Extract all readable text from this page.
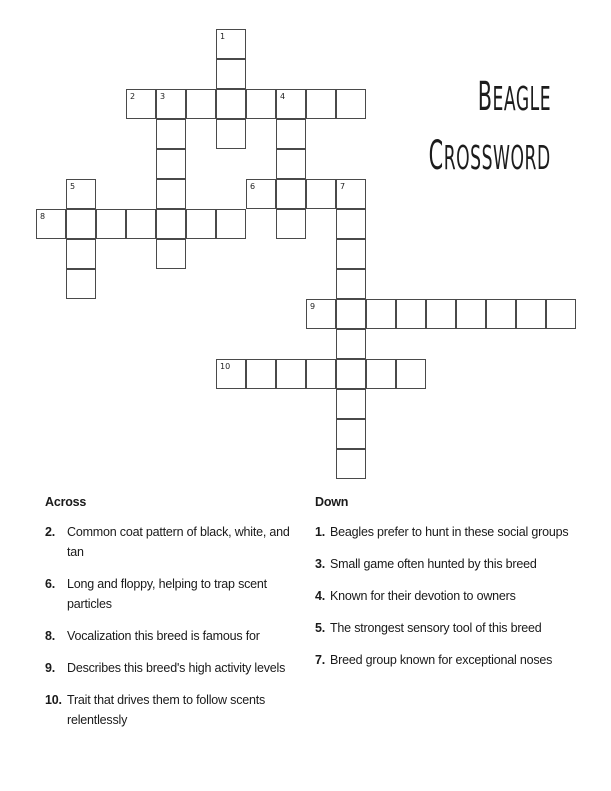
1
2	3	4
5	6	7
8
9
10
BEAGLE
CROSSWORD
Across
2. Common coat pattern of black, white, and tan
6. Long and floppy, helping to trap scent particles
8. Vocalization this breed is famous for
9. Describes this breed's high activity levels
10. Trait that drives them to follow scents relentlessly
Down
1. Beagles prefer to hunt in these social groups
3. Small game often hunted by this breed
4. Known for their devotion to owners
5. The strongest sensory tool of this breed
7. Breed group known for exceptional noses
